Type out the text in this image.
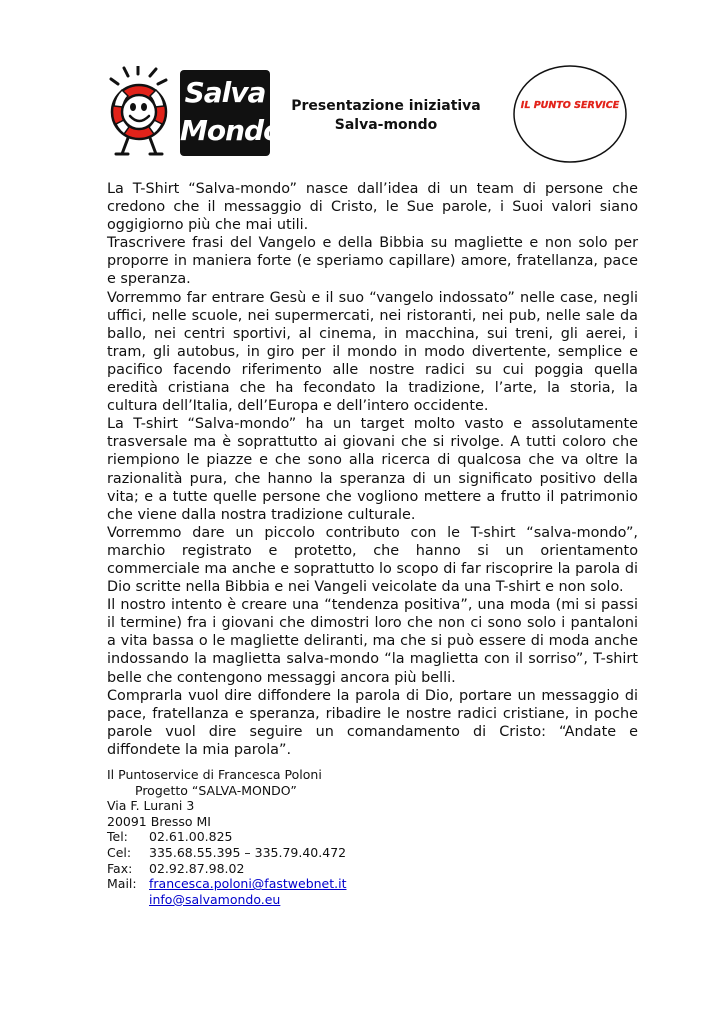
Salva
Mondo
Presentazione iniziativa
Salva-mondo
IL PUNTO SERVICE

La T-Shirt “Salva-mondo” nasce dall’idea di un team di persone che credono che il messaggio di Cristo, le Sue parole, i Suoi valori siano oggigiorno più che mai utili.

Trascrivere frasi del Vangelo e della Bibbia su magliette e non solo per proporre in maniera forte (e speriamo capillare) amore, fratellanza, pace e speranza.

Vorremmo far entrare Gesù e il suo “vangelo indossato” nelle case, negli uffici, nelle scuole, nei supermercati, nei ristoranti, nei pub, nelle sale da ballo, nei centri sportivi, al cinema, in macchina, sui treni, gli aerei, i tram, gli autobus, in giro per il mondo in modo divertente, semplice e pacifico facendo riferimento alle nostre radici su cui poggia quella eredità cristiana che ha fecondato la tradizione, l’arte, la storia, la cultura dell’Italia, dell’Europa e dell’intero occidente.

La T-shirt “Salva-mondo” ha un target molto vasto e assolutamente trasversale ma è soprattutto ai giovani che si rivolge. A tutti coloro che riempiono le piazze e che sono alla ricerca di qualcosa che va oltre la razionalità pura, che hanno la speranza di un significato positivo della vita; e a tutte quelle persone che vogliono mettere a frutto il patrimonio che viene dalla nostra tradizione culturale.

Vorremmo dare un piccolo contributo con le T-shirt “salva-mondo”, marchio registrato e protetto, che hanno si un orientamento commerciale ma anche e soprattutto lo scopo di far riscoprire la parola di Dio scritte nella Bibbia e nei Vangeli veicolate da una T-shirt e non solo.

Il nostro intento è creare una “tendenza positiva”, una moda (mi si passi il termine) fra i giovani che dimostri loro che non ci sono solo i pantaloni a vita bassa o le magliette deliranti, ma che si può essere di moda anche indossando la maglietta salva-mondo “la maglietta con il sorriso”, T-shirt belle che contengono messaggi ancora più belli.

Comprarla vuol dire diffondere la parola di Dio, portare un messaggio di pace, fratellanza e speranza, ribadire le nostre radici cristiane, in poche parole vuol dire seguire un comandamento di Cristo: “Andate e diffondete la mia parola”.

Il Puntoservice di Francesca Poloni
Progetto “SALVA-MONDO”
Via F. Lurani 3
20091 Bresso MI
Tel:	02.61.00.825
Cel:	335.68.55.395 – 335.79.40.472
Fax:	02.92.87.98.02
Mail: francesca.poloni@fastwebnet.it
info@salvamondo.eu
